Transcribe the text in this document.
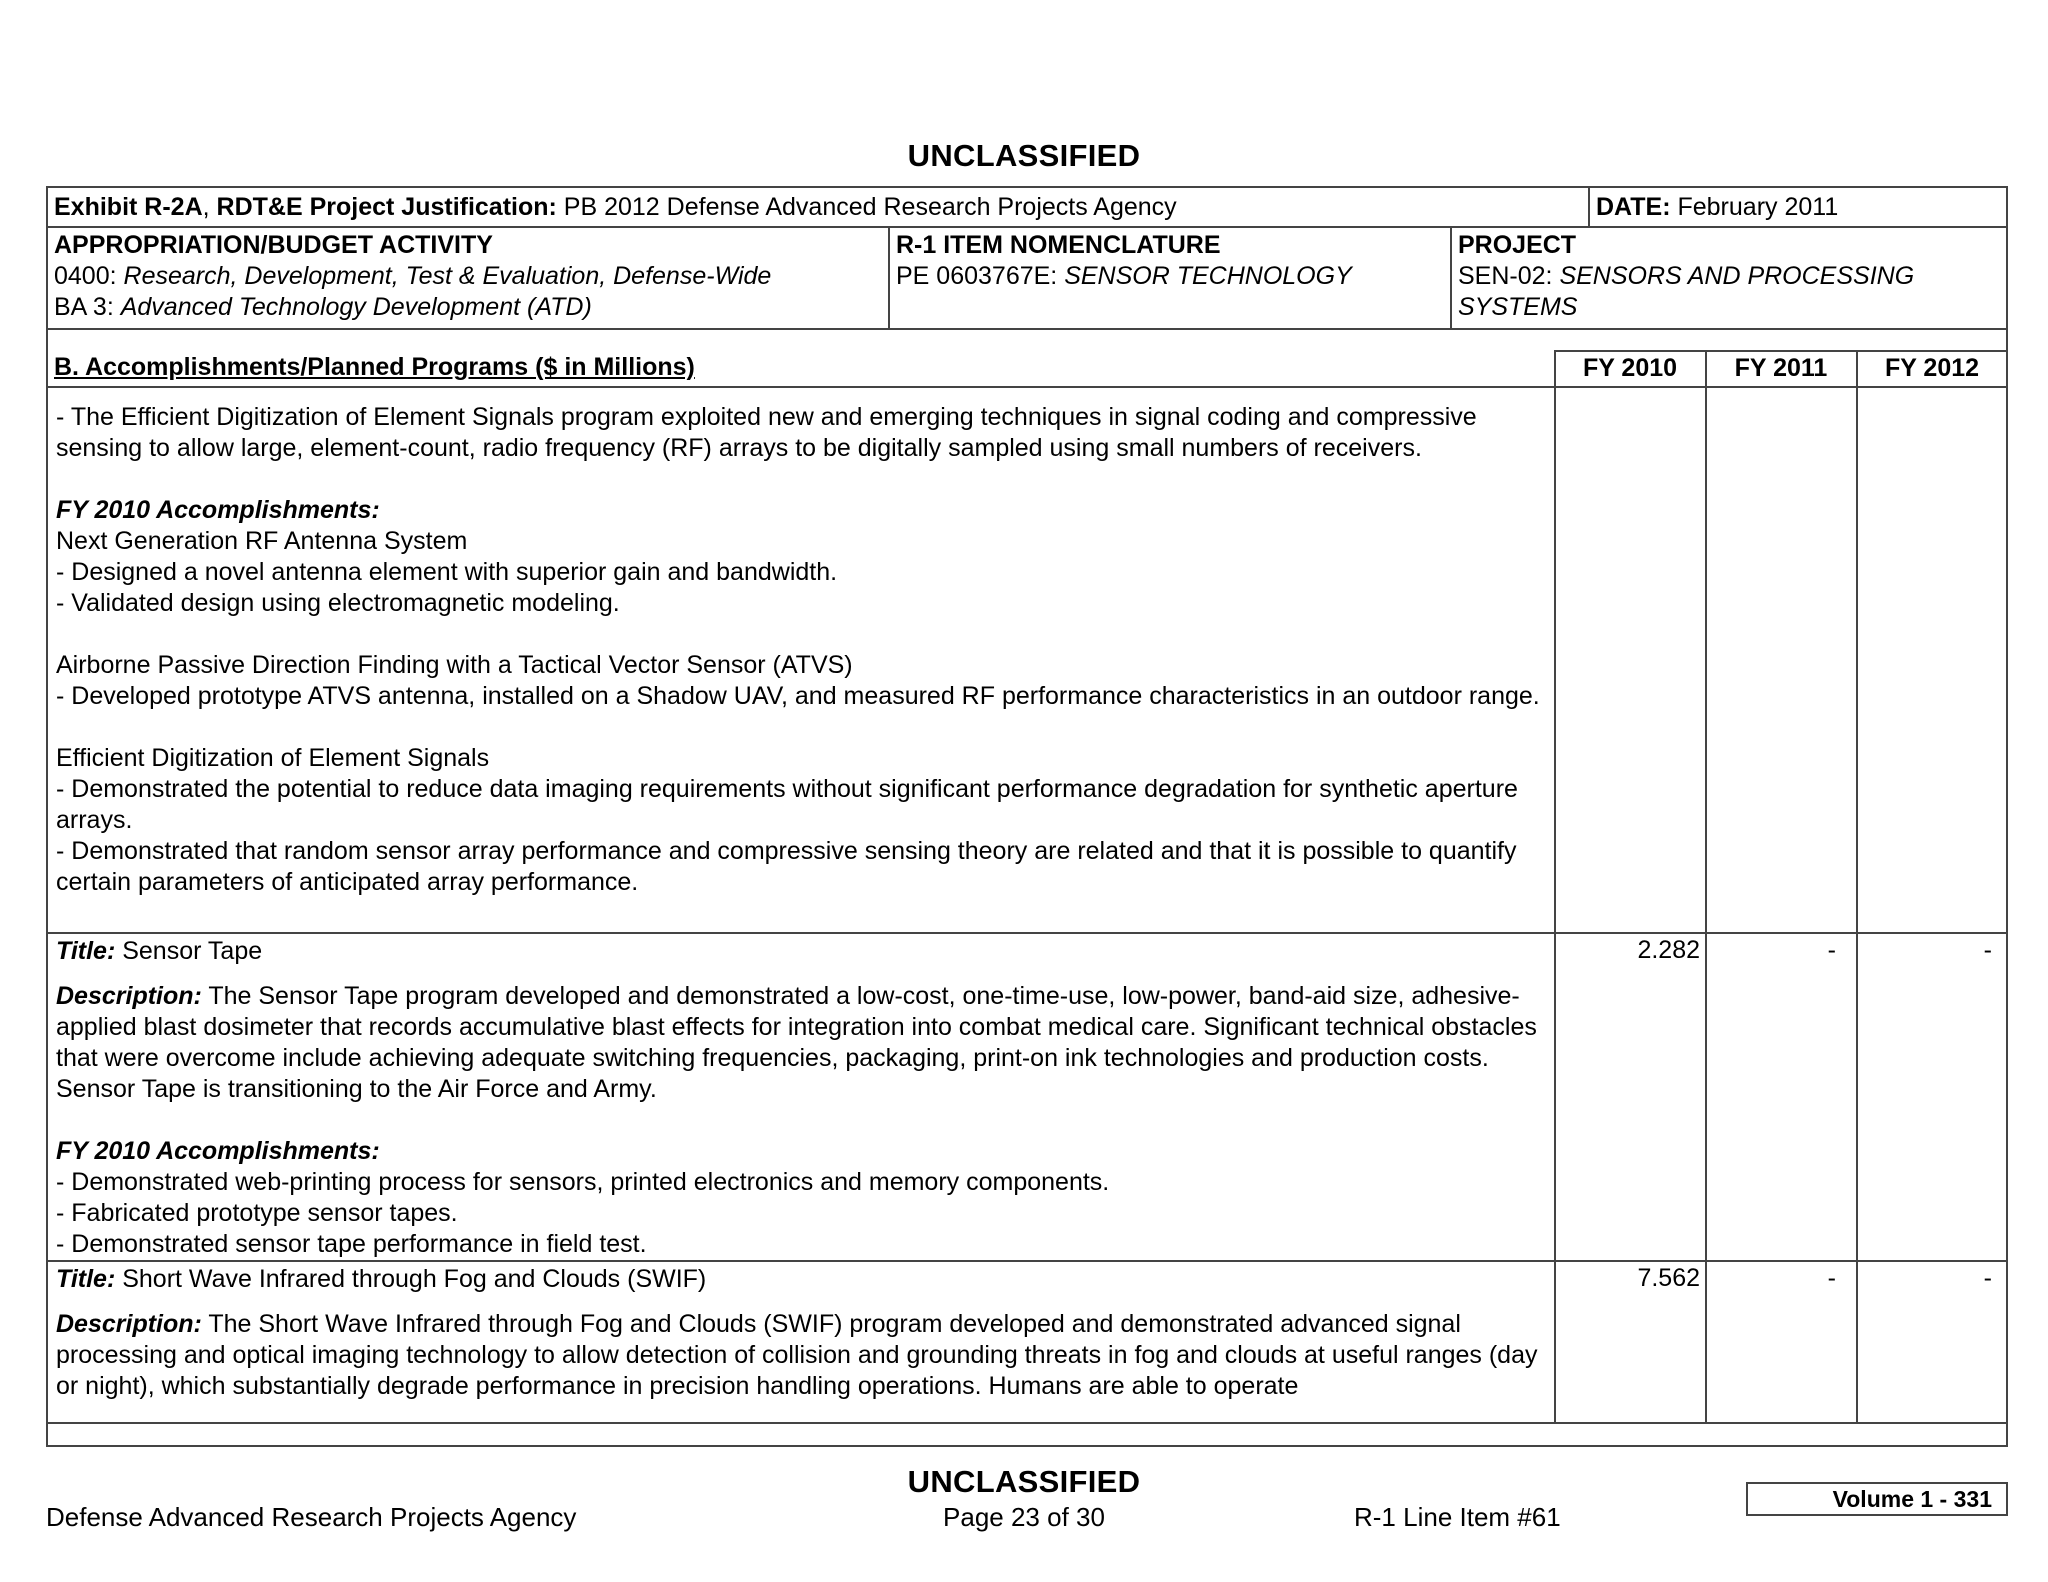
UNCLASSIFIED
Exhibit R-2A, RDT&E Project Justification: PB 2012 Defense Advanced Research Projects Agency	DATE: February 2011
APPROPRIATION/BUDGET ACTIVITY
0400: Research, Development, Test & Evaluation, Defense-Wide
BA 3: Advanced Technology Development (ATD)
R-1 ITEM NOMENCLATURE
PE 0603767E: SENSOR TECHNOLOGY
PROJECT
SEN-02: SENSORS AND PROCESSING
SYSTEMS
B. Accomplishments/Planned Programs ($ in Millions)	FY 2010	FY 2011	FY 2012

- The Efficient Digitization of Element Signals program exploited new and emerging techniques in signal coding and compressive sensing to allow large, element-count, radio frequency (RF) arrays to be digitally sampled using small numbers of receivers.

FY 2010 Accomplishments:

Next Generation RF Antenna System

- Designed a novel antenna element with superior gain and bandwidth.

- Validated design using electromagnetic modeling.

Airborne Passive Direction Finding with a Tactical Vector Sensor (ATVS)

- Developed prototype ATVS antenna, installed on a Shadow UAV, and measured RF performance characteristics in an outdoor range.

Efficient Digitization of Element Signals

- Demonstrated the potential to reduce data imaging requirements without significant performance degradation for synthetic aperture arrays.

- Demonstrated that random sensor array performance and compressive sensing theory are related and that it is possible to quantify certain parameters of anticipated array performance.

Title: Sensor Tape

Description: The Sensor Tape program developed and demonstrated a low-cost, one-time-use, low-power, band-aid size, adhesive-applied blast dosimeter that records accumulative blast effects for integration into combat medical care. Significant technical obstacles that were overcome include achieving adequate switching frequencies, packaging, print-on ink technologies and production costs. Sensor Tape is transitioning to the Air Force and Army.

FY 2010 Accomplishments:

- Demonstrated web-printing process for sensors, printed electronics and memory components.

- Fabricated prototype sensor tapes.

- Demonstrated sensor tape performance in field test.

2.282	-	-

Title: Short Wave Infrared through Fog and Clouds (SWIF)

Description: The Short Wave Infrared through Fog and Clouds (SWIF) program developed and demonstrated advanced signal processing and optical imaging technology to allow detection of collision and grounding threats in fog and clouds at useful ranges (day or night), which substantially degrade performance in precision handling operations. Humans are able to operate

7.562	-	-
UNCLASSIFIED
Defense Advanced Research Projects Agency	Page 23 of 30	R-1 Line Item #61
Volume 1 - 331
